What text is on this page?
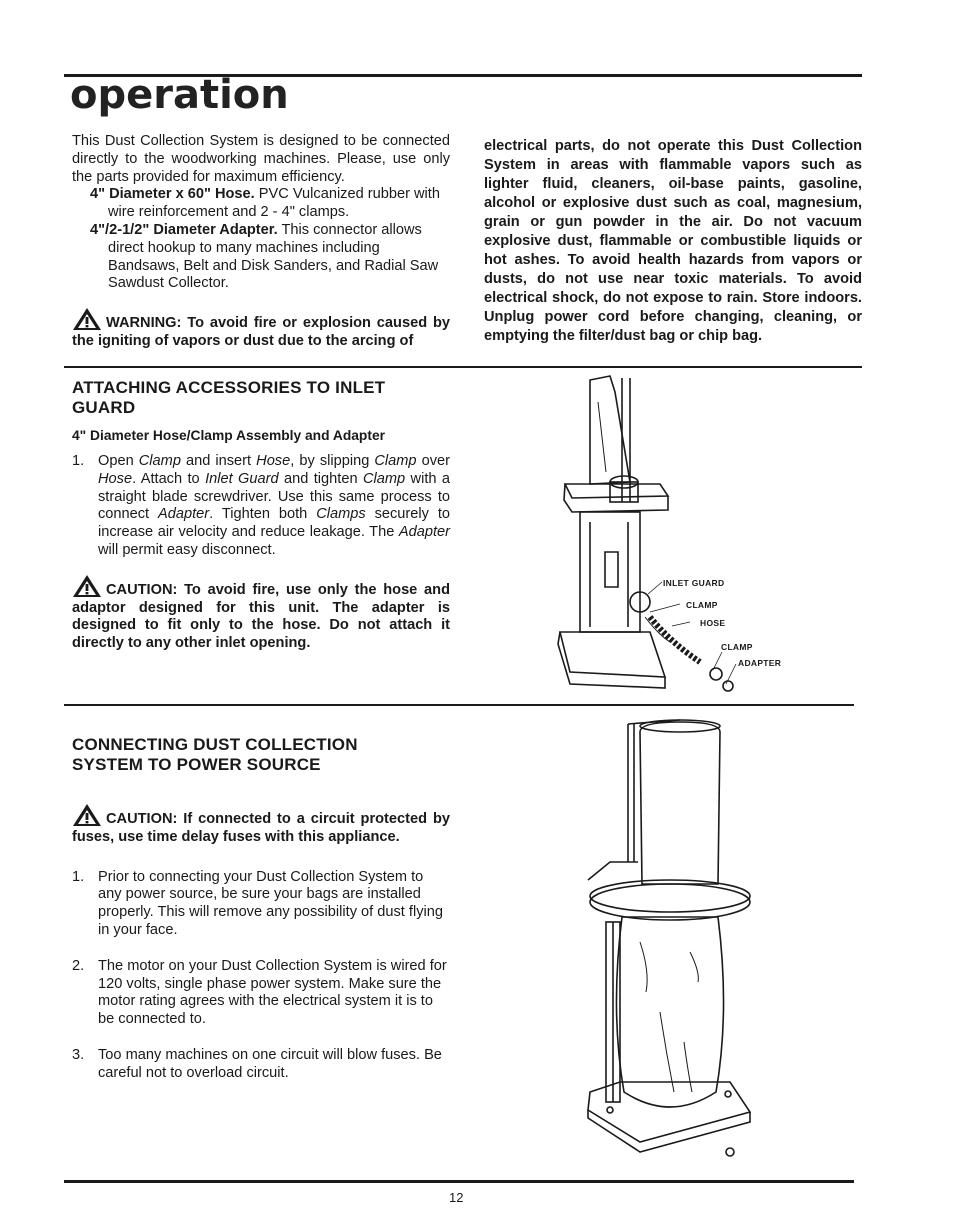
operation

This Dust Collection System is designed to be connected directly to the woodworking machines. Please, use only the parts provided for maximum efficiency.

4" Diameter x 60" Hose. PVC Vulcanized rubber with wire reinforcement and 2 - 4" clamps.

4"/2-1/2" Diameter Adapter. This connector allows direct hookup to many machines including Bandsaws, Belt and Disk Sanders, and Radial Saw Sawdust Collector.

WARNING: To avoid fire or explosion caused by the igniting of vapors or dust due to the arcing of

electrical parts, do not operate this Dust Collection System in areas with flammable vapors such as lighter fluid, cleaners, oil-base paints, gasoline, alcohol or explosive dust such as coal, magnesium, grain or gun powder in the air. Do not vacuum explosive dust, flammable or combustible liquids or hot ashes. To avoid health hazards from vapors or dusts, do not use near toxic materials. To avoid electrical shock, do not expose to rain. Store indoors. Unplug power cord before changing, cleaning, or emptying the filter/dust bag or chip bag.
ATTACHING ACCESSORIES TO INLET
GUARD
4" Diameter Hose/Clamp Assembly and Adapter
1. Open Clamp and insert Hose, by slipping Clamp over Hose. Attach to Inlet Guard and tighten Clamp with a straight blade screwdriver. Use this same process to connect Adapter. Tighten both Clamps securely to increase air velocity and reduce leakage. The Adapter will permit easy disconnect.

CAUTION: To avoid fire, use only the hose and adaptor designed for this unit. The adapter is designed to fit only to the hose. Do not attach it directly to any other inlet opening.

INLET GUARD
CLAMP
HOSE
CLAMP
ADAPTER
CONNECTING DUST COLLECTION
SYSTEM TO POWER SOURCE

CAUTION: If connected to a circuit protected by fuses, use time delay fuses with this appliance.

1. Prior to connecting your Dust Collection System to any power source, be sure your bags are installed properly. This will remove any possibility of dust flying in your face.
2. The motor on your Dust Collection System is wired for 120 volts, single phase power system. Make sure the motor rating agrees with the electrical system it is to be connected to.
3. Too many machines on one circuit will blow fuses. Be careful not to overload circuit.
12
